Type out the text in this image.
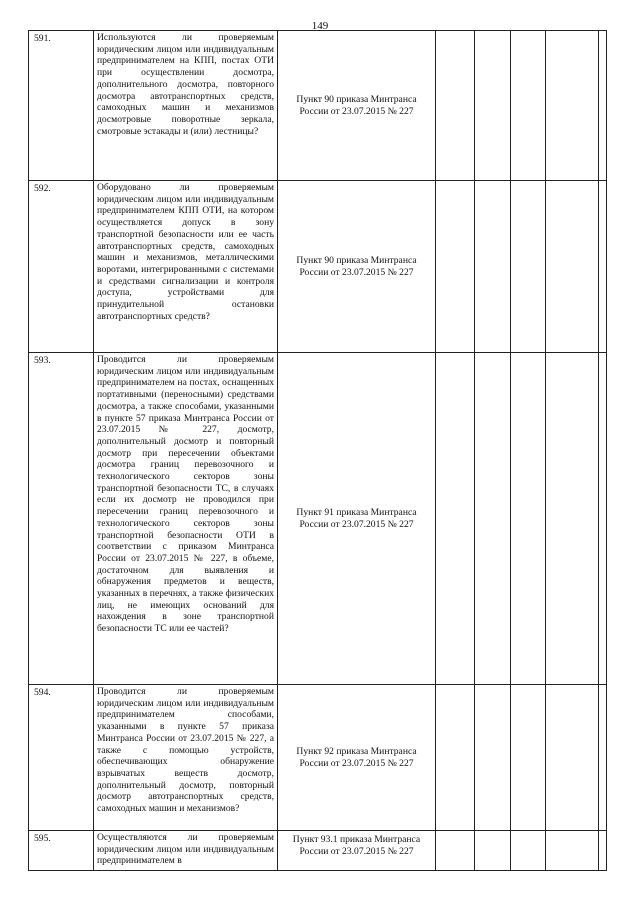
149
591.	Используются ли проверяемым юридическим лицом или индивидуальным предпринимателем на КПП, постах ОТИ при осуществлении досмотра, дополнительного досмотра, повторного досмотра автотранспортных средств, самоходных машин и механизмов досмотровые поворотные зеркала, смотровые эстакады и (или) лестницы?	Пункт 90 приказа Минтранса
России от 23.07.2015 № 227					

592.	Оборудовано ли проверяемым юридическим лицом или индивидуальным предпринимателем КПП ОТИ, на котором осуществляется допуск в зону транспортной безопасности или ее часть автотранспортных средств, самоходных машин и механизмов, металлическими воротами, интегрированными с системами и средствами сигнализации и контроля доступа, устройствами для принудительной остановки автотранспортных средств?	Пункт 90 приказа Минтранса
России от 23.07.2015 № 227					

593.	Проводится ли проверяемым юридическим лицом или индивидуальным предпринимателем на постах, оснащенных портативными (переносными) средствами досмотра, а также способами, указанными в пункте 57 приказа Минтранса России от 23.07.2015 № 227, досмотр, дополнительный досмотр и повторный досмотр при пересечении объектами досмотра границ перевозочного и технологического секторов зоны транспортной безопасности ТС, в случаях если их досмотр не проводился при пересечении границ перевозочного и технологического секторов зоны транспортной безопасности ОТИ в соответствии с приказом Минтранса России от 23.07.2015 № 227, в объеме, достаточном для выявления и обнаружения предметов и веществ, указанных в перечнях, а также физических лиц, не имеющих оснований для нахождения в зоне транспортной безопасности ТС или ее частей?	Пункт 91 приказа Минтранса
России от 23.07.2015 № 227					

594.	Проводится ли проверяемым юридическим лицом или индивидуальным предпринимателем способами, указанными в пункте 57 приказа Минтранса России от 23.07.2015 № 227, а также с помощью устройств, обеспечивающих обнаружение взрывчатых веществ досмотр, дополнительный досмотр, повторный досмотр автотранспортных средств, самоходных машин и механизмов?	Пункт 92 приказа Минтранса
России от 23.07.2015 № 227					

595.	Осуществляются ли проверяемым юридическим лицом или индивидуальным предпринимателем в	Пункт 93.1 приказа Минтранса
России от 23.07.2015 № 227					
